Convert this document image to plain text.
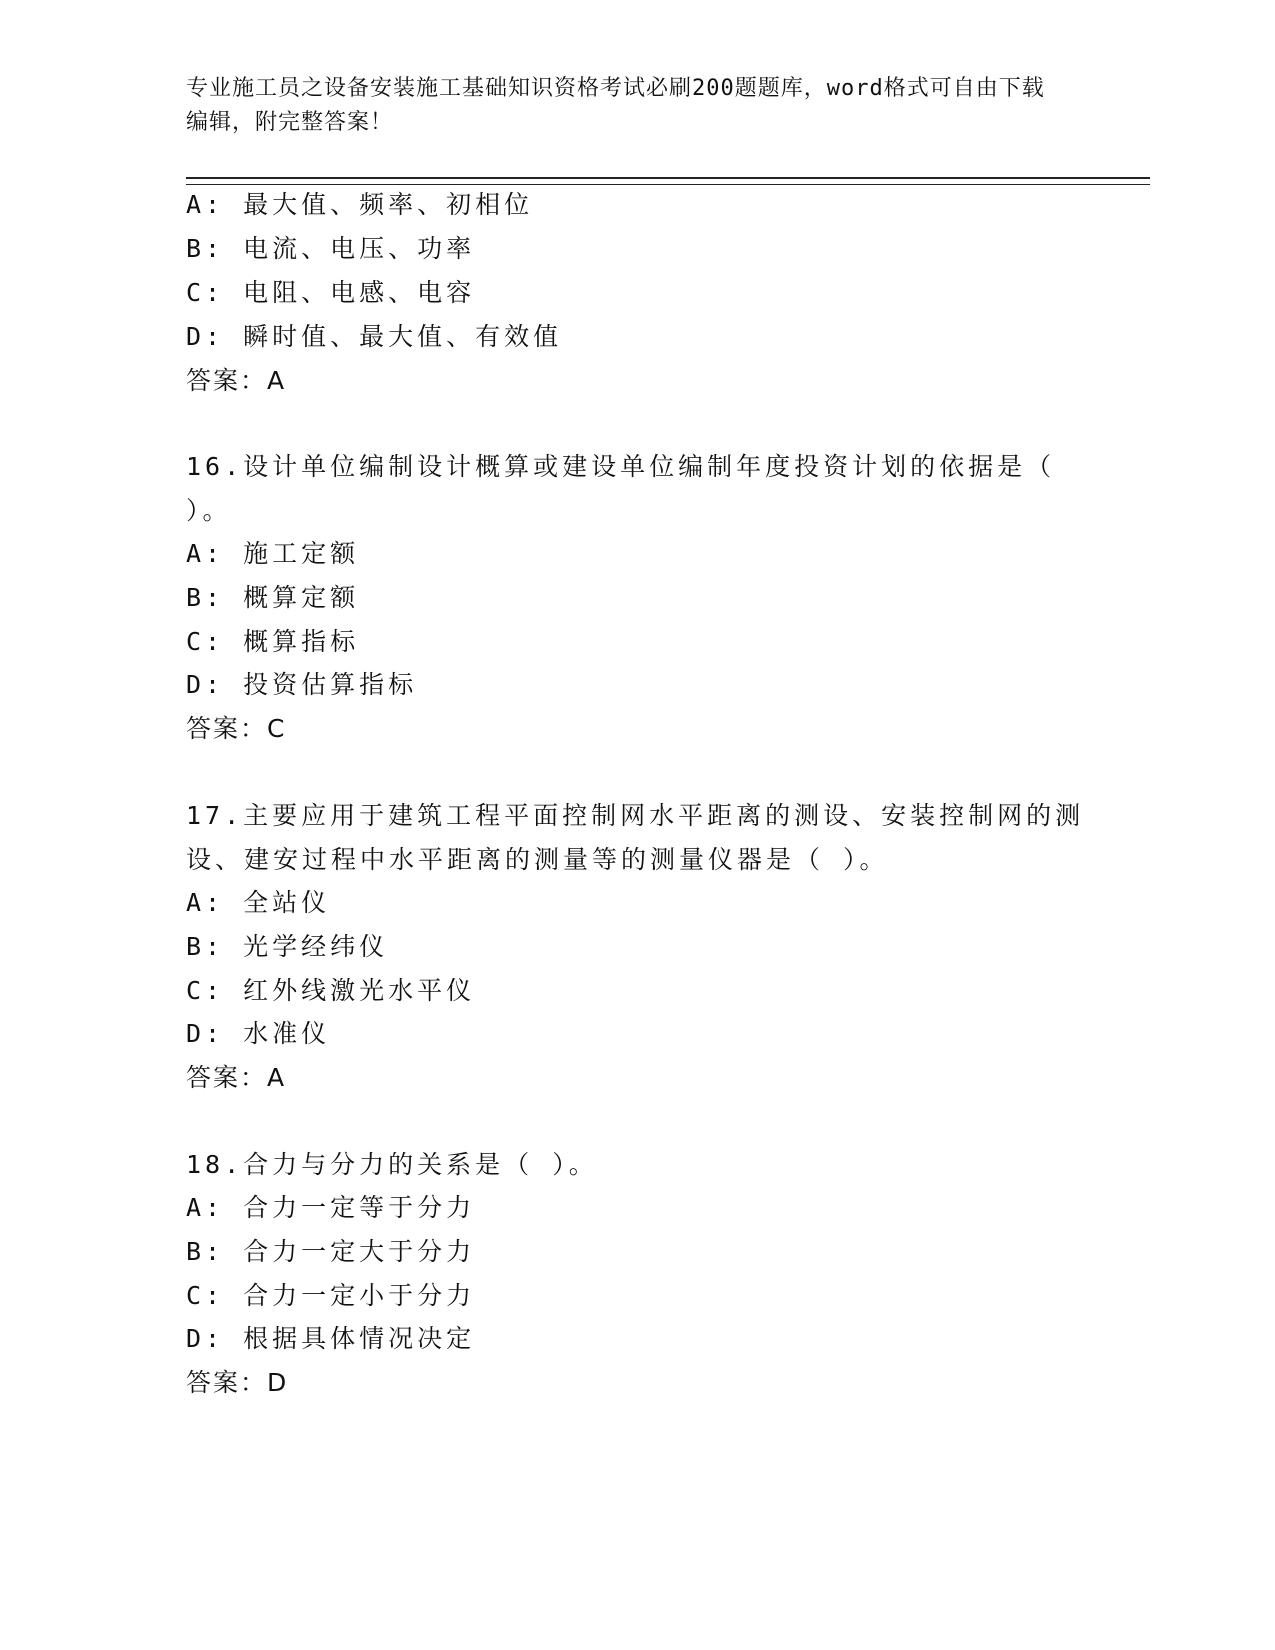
专业施工员之设备安装施工基础知识资格考试必刷200题题库，word格式可自由下载编辑，附完整答案！
A: 最大值、频率、初相位
B: 电流、电压、功率
C: 电阻、电感、电容
D: 瞬时值、最大值、有效值
答案：A
16.设计单位编制设计概算或建设单位编制年度投资计划的依据是（
）。
A: 施工定额
B: 概算定额
C: 概算指标
D: 投资估算指标
答案：C
17.主要应用于建筑工程平面控制网水平距离的测设、安装控制网的测
设、建安过程中水平距离的测量等的测量仪器是（ ）。
A: 全站仪
B: 光学经纬仪
C: 红外线激光水平仪
D: 水准仪
答案：A
18.合力与分力的关系是（ ）。
A: 合力一定等于分力
B: 合力一定大于分力
C: 合力一定小于分力
D: 根据具体情况决定
答案：D
